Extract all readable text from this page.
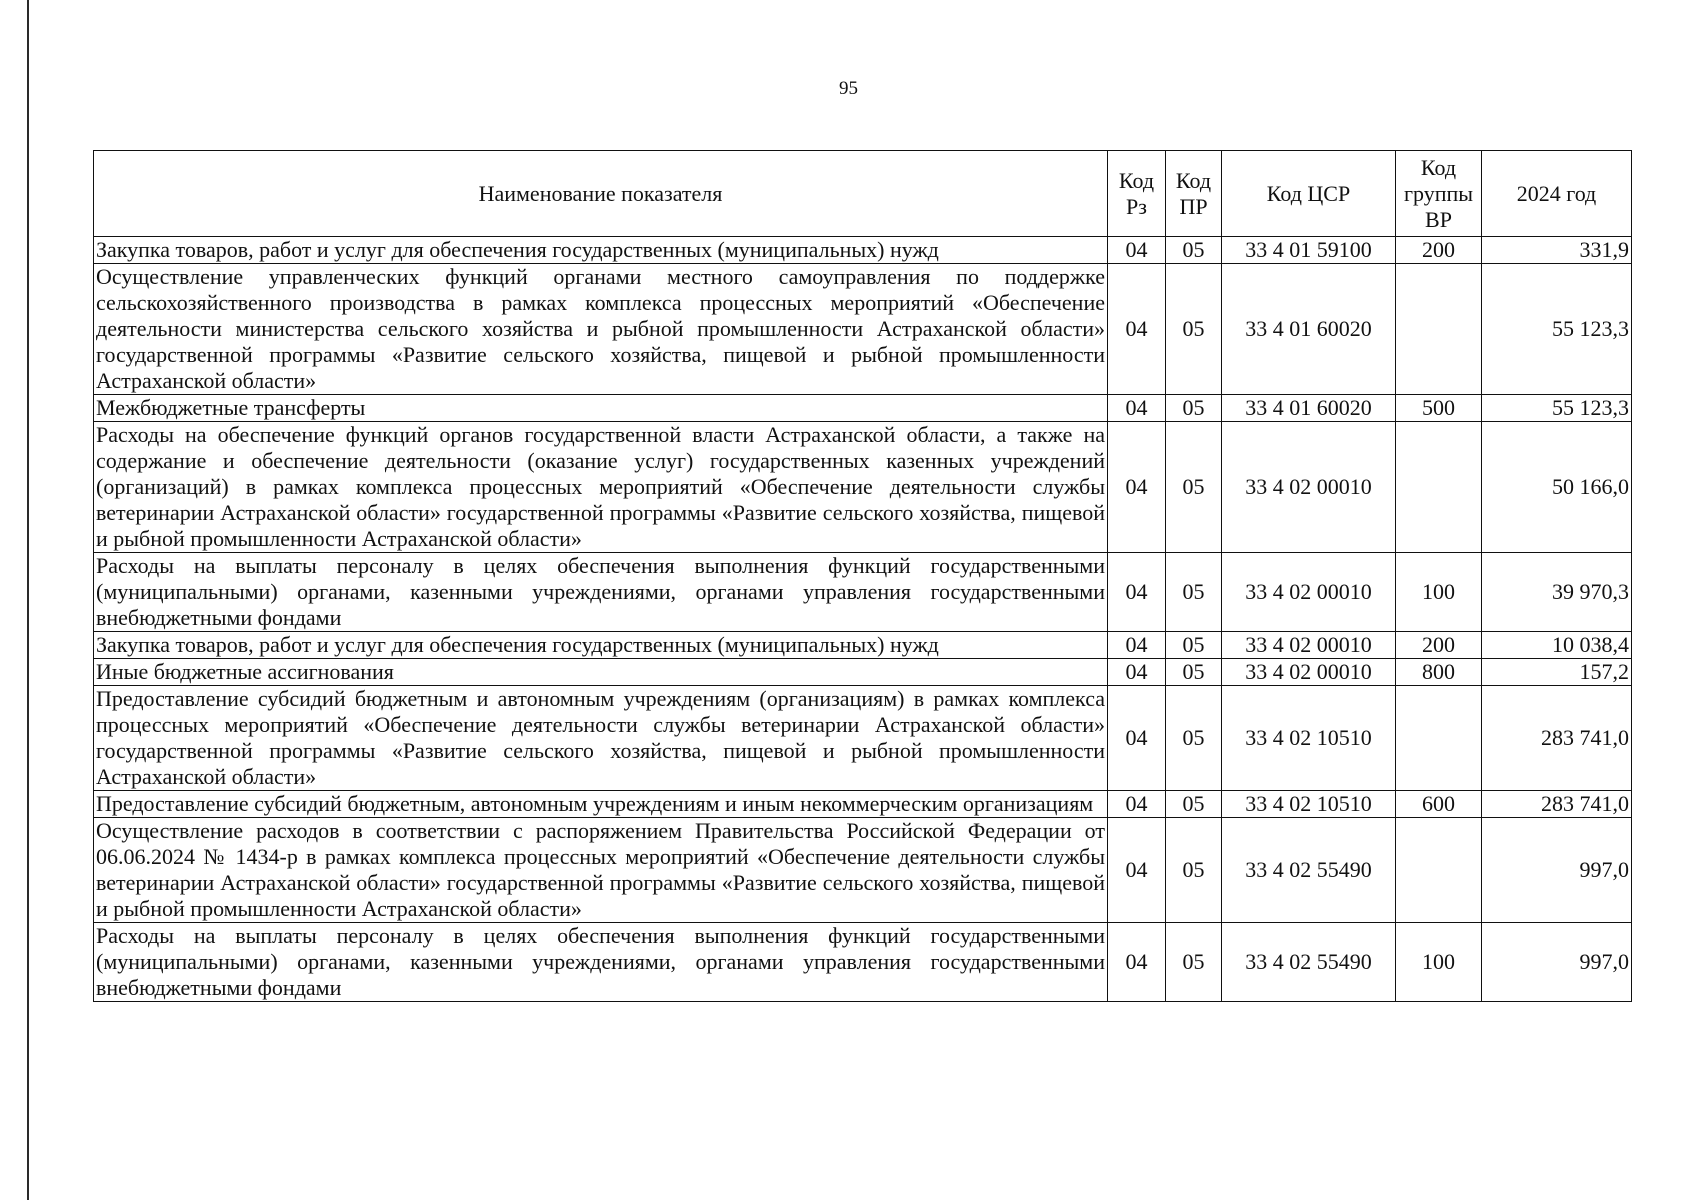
95
Наименование показателя	Код Рз	Код ПР	Код ЦСР	Код группы ВР	2024 год
Закупка товаров, работ и услуг для обеспечения государственных (муниципальных) нужд	04	05	33 4 01 59100	200	331,9
Осуществление управленческих функций органами местного самоуправления по поддержке сельскохозяйственного производства в рамках комплекса процессных мероприятий «Обеспечение деятельности министерства сельского хозяйства и рыбной промышленности Астраханской области» государственной программы «Развитие сельского хозяйства, пищевой и рыбной промышленности Астраханской области»	04	05	33 4 01 60020		55 123,3
Межбюджетные трансферты	04	05	33 4 01 60020	500	55 123,3
Расходы на обеспечение функций органов государственной власти Астраханской области, а также на содержание и обеспечение деятельности (оказание услуг) государственных казенных учреждений (организаций) в рамках комплекса процессных мероприятий «Обеспечение деятельности службы ветеринарии Астраханской области» государственной программы «Развитие сельского хозяйства, пищевой и рыбной промышленности Астраханской области»	04	05	33 4 02 00010		50 166,0
Расходы на выплаты персоналу в целях обеспечения выполнения функций государственными (муниципальными) органами, казенными учреждениями, органами управления государственными внебюджетными фондами	04	05	33 4 02 00010	100	39 970,3
Закупка товаров, работ и услуг для обеспечения государственных (муниципальных) нужд	04	05	33 4 02 00010	200	10 038,4
Иные бюджетные ассигнования	04	05	33 4 02 00010	800	157,2
Предоставление субсидий бюджетным и автономным учреждениям (организациям) в рамках комплекса процессных мероприятий «Обеспечение деятельности службы ветеринарии Астраханской области» государственной программы «Развитие сельского хозяйства, пищевой и рыбной промышленности Астраханской области»	04	05	33 4 02 10510		283 741,0
Предоставление субсидий бюджетным, автономным учреждениям и иным некоммерческим организациям	04	05	33 4 02 10510	600	283 741,0
Осуществление расходов в соответствии с распоряжением Правительства Российской Федерации от 06.06.2024 № 1434-р в рамках комплекса процессных мероприятий «Обеспечение деятельности службы ветеринарии Астраханской области» государственной программы «Развитие сельского хозяйства, пищевой и рыбной промышленности Астраханской области»	04	05	33 4 02 55490		997,0
Расходы на выплаты персоналу в целях обеспечения выполнения функций государственными (муниципальными) органами, казенными учреждениями, органами управления государственными внебюджетными фондами	04	05	33 4 02 55490	100	997,0
